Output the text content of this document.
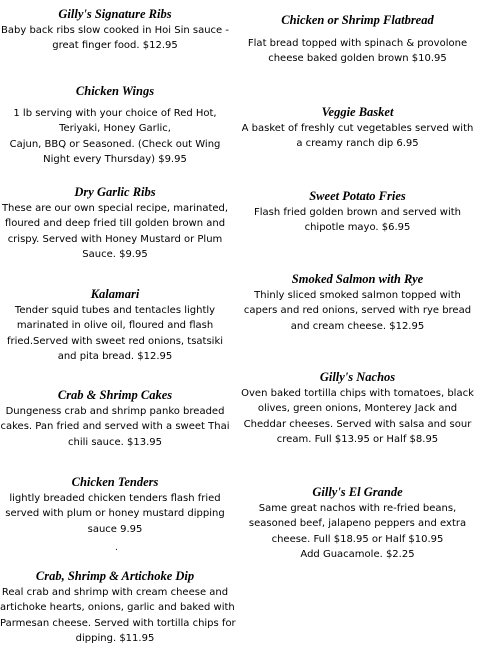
Gilly's Signature Ribs
Baby back ribs slow cooked in Hoi Sin sauce -
great finger food. $12.95
Chicken Wings
1 lb serving with your choice of Red Hot,
Teriyaki, Honey Garlic,
Cajun, BBQ or Seasoned. (Check out Wing
Night every Thursday) $9.95
Dry Garlic Ribs
These are our own special recipe, marinated,
floured and deep fried till golden brown and
crispy. Served with Honey Mustard or Plum
Sauce. $9.95
Kalamari
Tender squid tubes and tentacles lightly
marinated in olive oil, floured and flash
fried.Served with sweet red onions, tsatsiki
and pita bread. $12.95
Crab & Shrimp Cakes
Dungeness crab and shrimp panko breaded
cakes. Pan fried and served with a sweet Thai
chili sauce. $13.95
Chicken Tenders
lightly breaded chicken tenders flash fried
served with plum or honey mustard dipping
sauce 9.95
.
Crab, Shrimp & Artichoke Dip
Real crab and shrimp with cream cheese and
artichoke hearts, onions, garlic and baked with
Parmesan cheese. Served with tortilla chips for
dipping. $11.95
Chicken or Shrimp Flatbread
Flat bread topped with spinach & provolone
cheese baked golden brown $10.95
Veggie Basket
A basket of freshly cut vegetables served with
a creamy ranch dip 6.95
Sweet Potato Fries
Flash fried golden brown and served with
chipotle mayo. $6.95
Smoked Salmon with Rye
Thinly sliced smoked salmon topped with
capers and red onions, served with rye bread
and cream cheese. $12.95
Gilly's Nachos
Oven baked tortilla chips with tomatoes, black
olives, green onions, Monterey Jack and
Cheddar cheeses. Served with salsa and sour
cream. Full $13.95 or Half $8.95
Gilly's El Grande
Same great nachos with re-fried beans,
seasoned beef, jalapeno peppers and extra
cheese. Full $18.95 or Half $10.95
Add Guacamole. $2.25
